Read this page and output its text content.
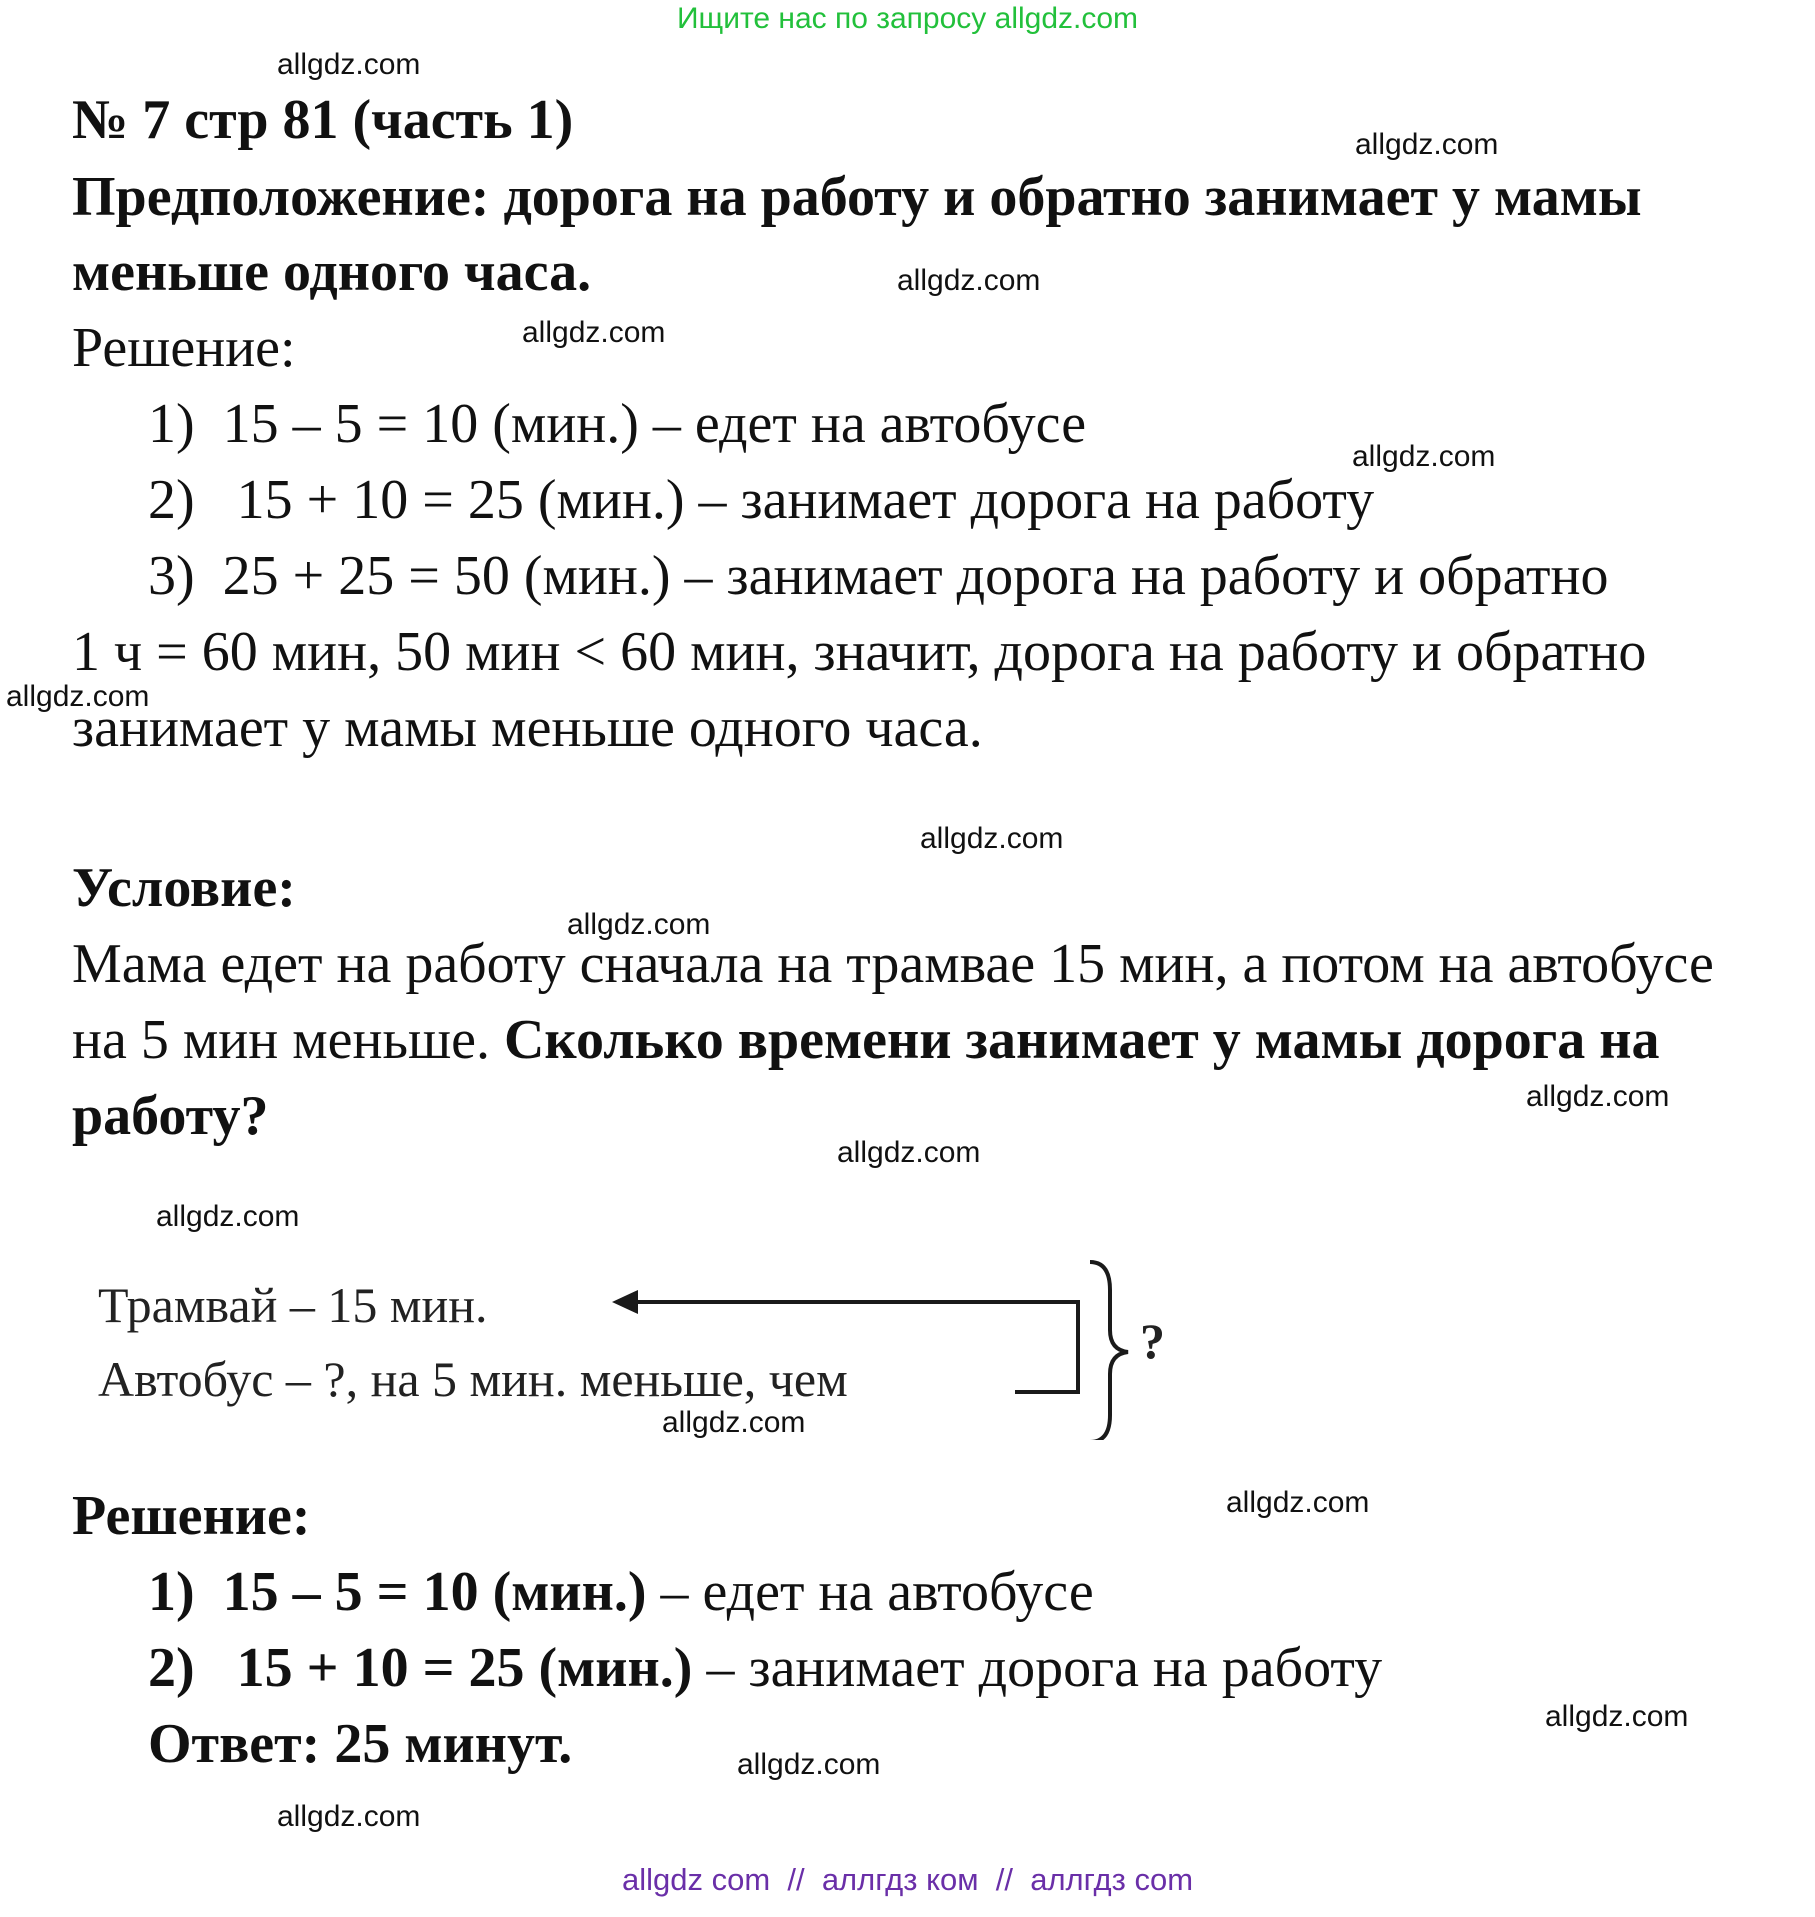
Ищите нас по запросу allgdz.com
№ 7 стр 81 (часть 1)
Предположение: дорога на работу и обратно занимает у мамы
меньше одного часа.
Решение:
1) 15 – 5 = 10 (мин.) – едет на автобусе
2) 15 + 10 = 25 (мин.) – занимает дорога на работу
3) 25 + 25 = 50 (мин.) – занимает дорога на работу и обратно
1 ч = 60 мин, 50 мин < 60 мин, значит, дорога на работу и обратно
занимает у мамы меньше одного часа.
Условие:
Мама едет на работу сначала на трамвае 15 мин, а потом на автобусе
на 5 мин меньше. Сколько времени занимает у мамы дорога на
работу?
Трамвай – 15 мин.
Автобус – ?, на 5 мин. меньше, чем
?
Решение:
1) 15 – 5 = 10 (мин.) – едет на автобусе
2) 15 + 10 = 25 (мин.) – занимает дорога на работу
Ответ: 25 минут.
allgdz.com
allgdz.com
allgdz.com
allgdz.com
allgdz.com
allgdz.com
allgdz.com
allgdz.com
allgdz.com
allgdz.com
allgdz.com
allgdz.com
allgdz.com
allgdz.com
allgdz.com
allgdz.com
allgdz com  //  аллгдз ком  //  аллгдз com
